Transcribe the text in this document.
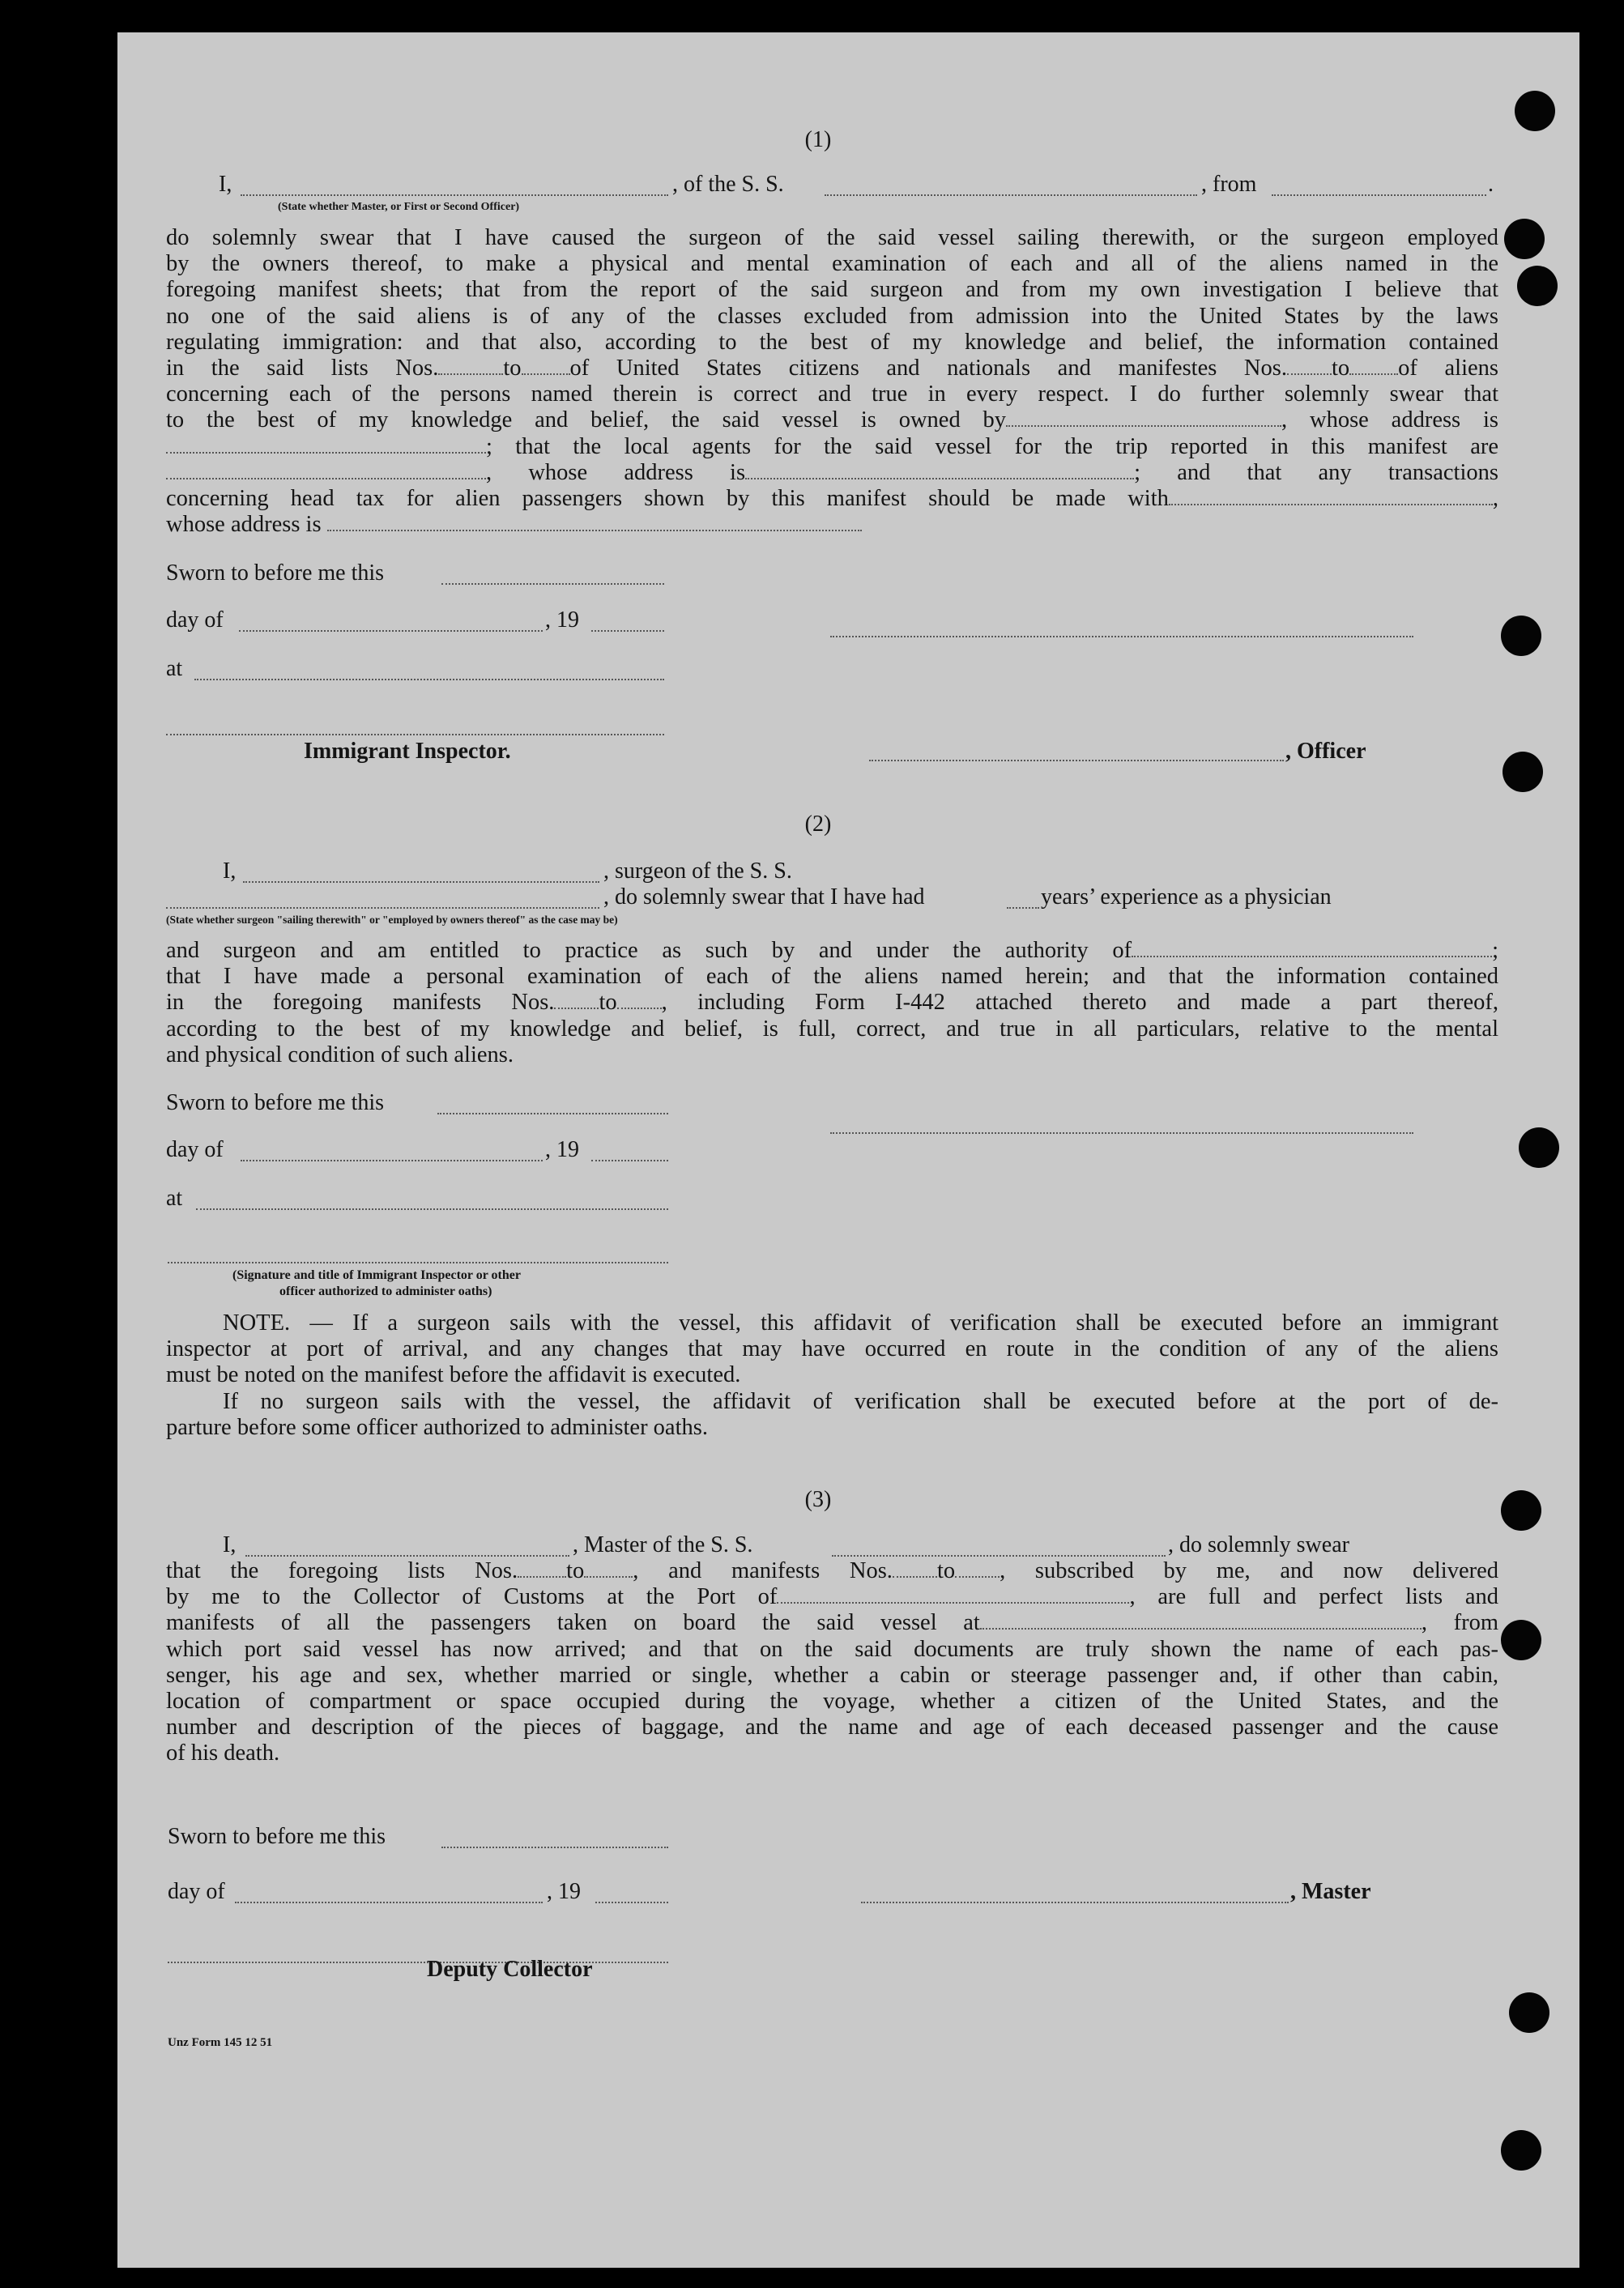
(1)
I,	, of the S. S.	, from	.
(State whether Master, or First or Second Officer)
do solemnly swear that I have caused the surgeon of the said vessel sailing therewith, or the surgeon employed
by the owners thereof, to make a physical and mental examination of each and all of the aliens named in the
foregoing manifest sheets; that from the report of the said surgeon and from my own investigation I believe that
no one of the said aliens is of any of the classes excluded from admission into the United States by the laws
regulating immigration: and that also, according to the best of my knowledge and belief, the information contained
in the said lists Nos.	to of United States citizens and nationals and manifestes Nos. to of aliens
concerning each of the persons named therein is correct and true in every respect. I do further solemnly swear that
to the best of my knowledge and belief, the said vessel is owned by	, whose address is
; that the local agents for the said vessel for the trip reported in this manifest are
, whose address is	; and that any transactions
concerning head tax for alien passengers shown by this manifest should be made with	,
whose address is
Sworn to before me this
day of	, 19
at
Immigrant Inspector.	, Officer
(2)
I,	, surgeon of the S. S.
, do solemnly swear that I have had	years’ experience as a physician
(State whether surgeon "sailing therewith" or "employed by owners thereof" as the case may be)
and surgeon and am entitled to practice as such by and under the authority of	;
that I have made a personal examination of each of the aliens named herein; and that the information contained
in the foregoing manifests Nos. to , including Form I-442 attached thereto and made a part thereof,
according to the best of my knowledge and belief, is full, correct, and true in all particulars, relative to the mental
and physical condition of such aliens.
Sworn to before me this
day of	, 19
at
(Signature and title of Immigrant Inspector or other
officer authorized to administer oaths)
NOTE. — If a surgeon sails with the vessel, this affidavit of verification shall be executed before an immigrant
inspector at port of arrival, and any changes that may have occurred en route in the condition of any of the aliens
must be noted on the manifest before the affidavit is executed.
If no surgeon sails with the vessel, the affidavit of verification shall be executed before at the port of de-
parture before some officer authorized to administer oaths.
(3)
I,	, Master of the S. S.	, do solemnly swear
that the foregoing lists Nos. to , and manifests Nos. to , subscribed by me, and now delivered
by me to the Collector of Customs at the Port of	, are full and perfect lists and
manifests of all the passengers taken on board the said vessel at	, from
which port said vessel has now arrived; and that on the said documents are truly shown the name of each pas-
senger, his age and sex, whether married or single, whether a cabin or steerage passenger and, if other than cabin,
location of compartment or space occupied during the voyage, whether a citizen of the United States, and the
number and description of the pieces of baggage, and the name and age of each deceased passenger and the cause
of his death.
Sworn to before me this
day of	, 19	, Master
Deputy Collector
Unz Form 145 12 51
